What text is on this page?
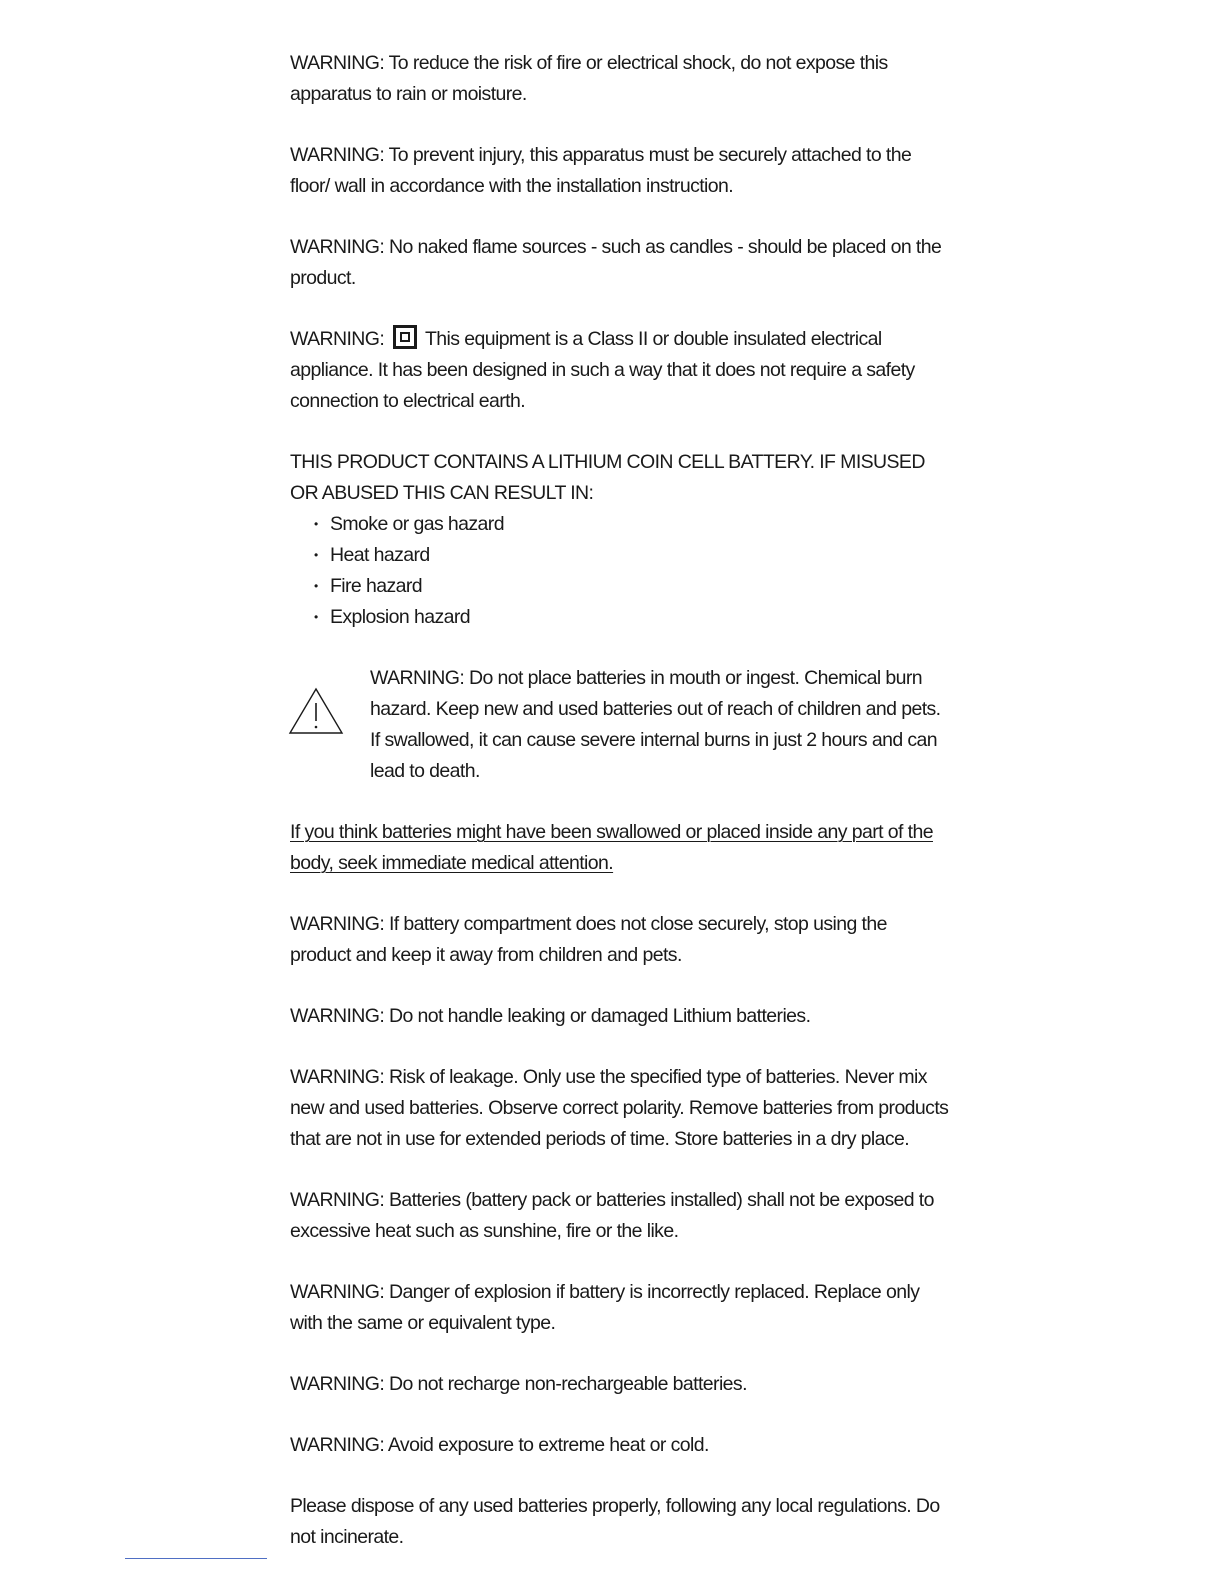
WARNING: To reduce the risk of fire or electrical shock, do not expose this apparatus to rain or moisture.

WARNING: To prevent injury, this apparatus must be securely attached to the floor/ wall in accordance with the installation instruction.

WARNING: No naked flame sources - such as candles - should be placed on the product.

WARNING: This equipment is a Class II or double insulated electrical appliance. It has been designed in such a way that it does not require a safety connection to electrical earth.

THIS PRODUCT CONTAINS A LITHIUM COIN CELL BATTERY. IF MISUSED OR ABUSED THIS CAN RESULT IN:

• Smoke or gas hazard
• Heat hazard
• Fire hazard
• Explosion hazard

WARNING: Do not place batteries in mouth or ingest. Chemical burn hazard. Keep new and used batteries out of reach of children and pets. If swallowed, it can cause severe internal burns in just 2 hours and can lead to death.

If you think batteries might have been swallowed or placed inside any part of the body, seek immediate medical attention.

WARNING: If battery compartment does not close securely, stop using the product and keep it away from children and pets.

WARNING: Do not handle leaking or damaged Lithium batteries.

WARNING: Risk of leakage. Only use the specified type of batteries. Never mix new and used batteries. Observe correct polarity. Remove batteries from products that are not in use for extended periods of time. Store batteries in a dry place.

WARNING: Batteries (battery pack or batteries installed) shall not be exposed to excessive heat such as sunshine, fire or the like.

WARNING: Danger of explosion if battery is incorrectly replaced. Replace only with the same or equivalent type.

WARNING: Do not recharge non-rechargeable batteries.

WARNING: Avoid exposure to extreme heat or cold.

Please dispose of any used batteries properly, following any local regulations. Do not incinerate.
